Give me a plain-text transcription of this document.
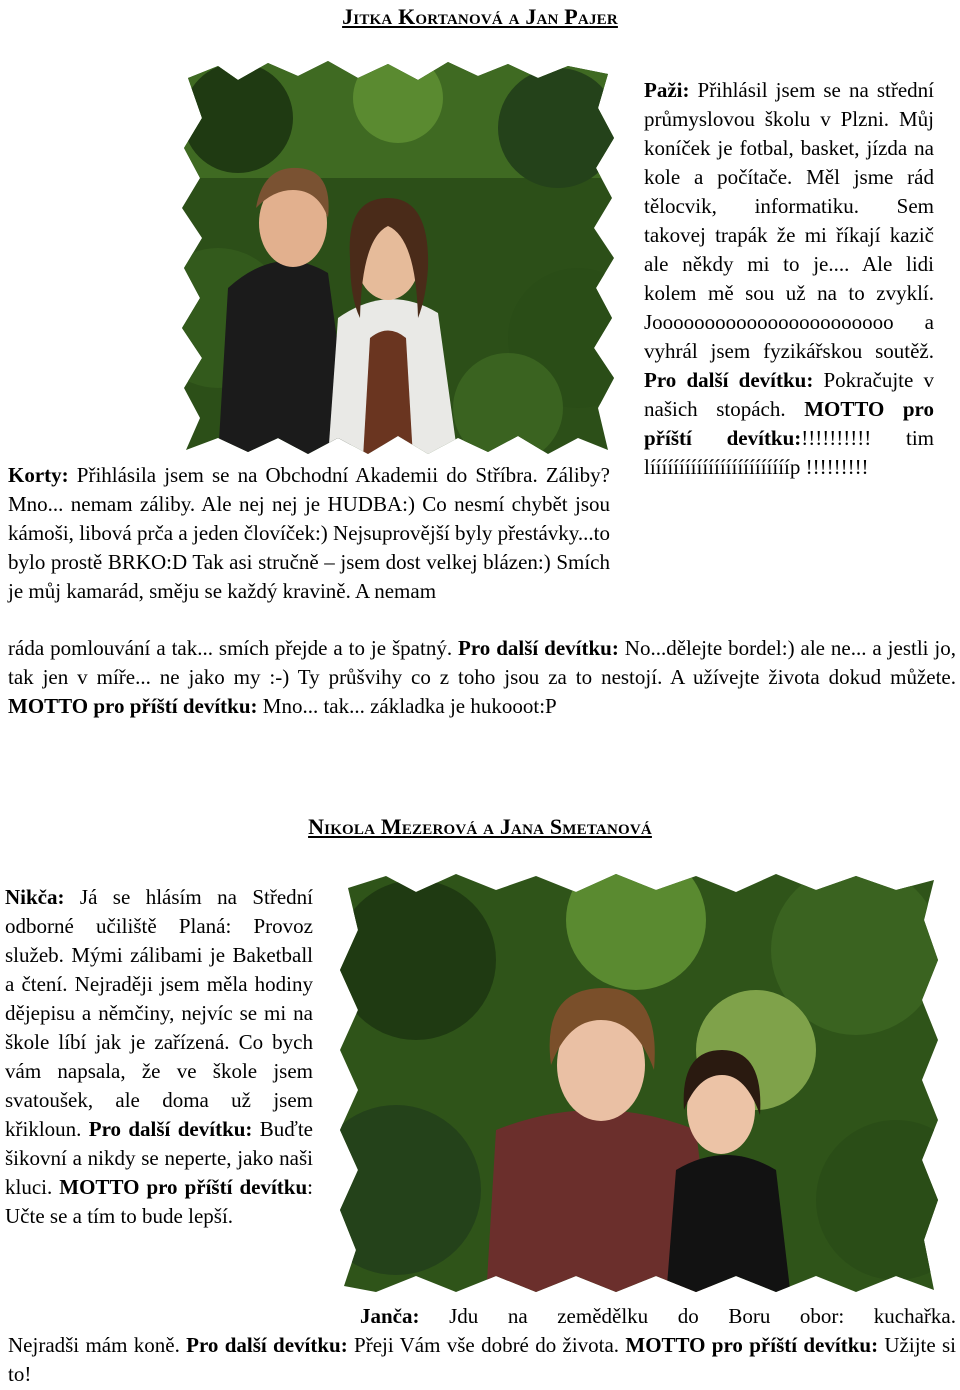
Jitka Kortanová a Jan Pajer
Paži: Přihlásil jsem se na střední průmyslovou školu v Plzni. Můj koníček je fotbal, basket, jízda na kole a počítače. Měl jsme rád tělocvik, informatiku. Sem takovej trapák že mi říkají kazič ale někdy mi to je.... Ale lidi kolem mě sou už na to zvyklí. Jooooooooooooooooooooooo a vyhrál jsem fyzikářskou soutěž. Pro další devítku: Pokračujte v našich stopách. MOTTO pro příští devítku:!!!!!!!!!! tim lííííííííííííííííííííííííp !!!!!!!!!
Korty: Přihlásila jsem se na Obchodní Akademii do Stříbra. Záliby? Mno... nemam záliby. Ale nej nej je HUDBA:) Co nesmí chybět jsou kámoši, libová prča a jeden človíček:) Nejsuprovější byly přestávky...to bylo prostě BRKO:D Tak asi stručně – jsem dost velkej blázen:) Smích je můj kamarád, směju se každý kravině. A nemam
ráda pomlouvání a tak... smích přejde a to je špatný. Pro další devítku: No...dělejte bordel:) ale ne... a jestli jo, tak jen v míře... ne jako my :-) Ty průšvihy co z toho jsou za to nestojí. A užívejte života dokud můžete. MOTTO pro příští devítku: Mno... tak... základka je hukooot:P
Nikola Mezerová a Jana Smetanová
Nikča: Já se hlásím na Střední odborné učiliště Planá: Provoz služeb. Mými zálibami je Baketball a čtení. Nejraději jsem měla hodiny dějepisu a němčiny, nejvíc se mi na škole líbí jak je zařízená. Co bych vám napsala, že ve škole jsem svatoušek, ale doma už jsem křikloun. Pro další devítku: Buďte šikovní a nikdy se neperte, jako naši kluci. MOTTO pro příští devítku: Učte se a tím to bude lepší.
Janča: Jdu na zemědělku do Boru obor: kuchařka.
Nejradši mám koně. Pro další devítku: Přeji Vám vše dobré do života. MOTTO pro příští devítku: Užijte si to!
